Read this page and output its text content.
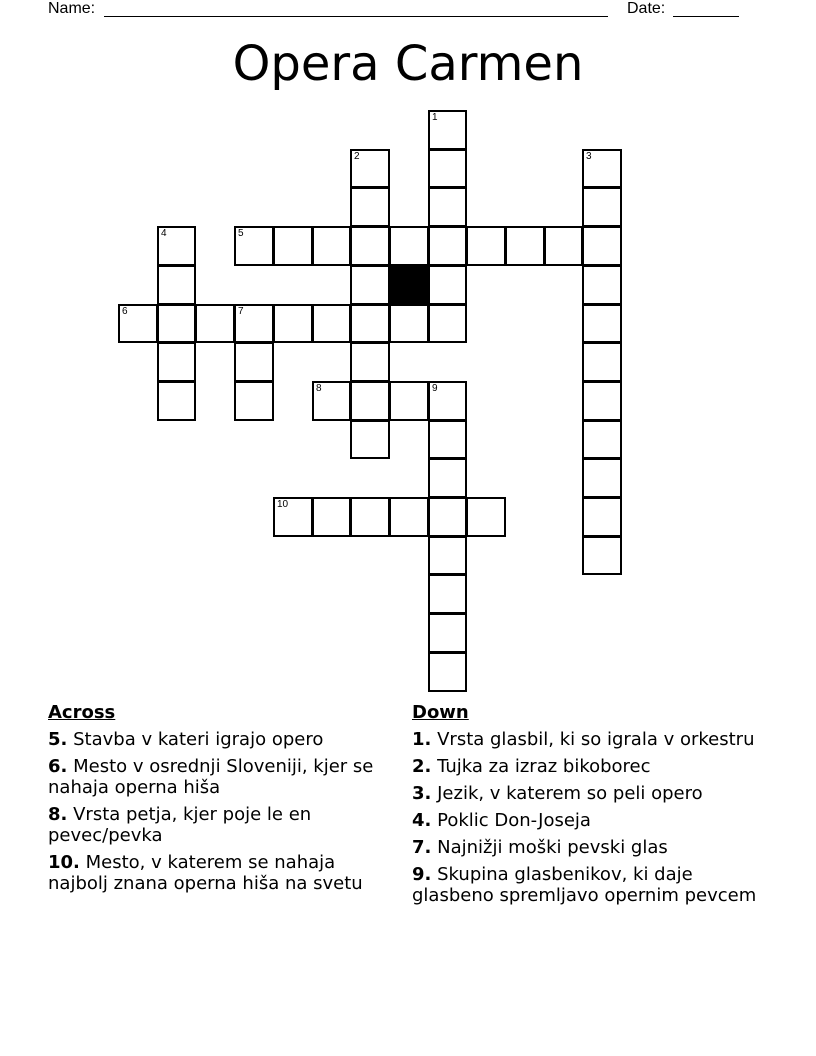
Name:	Date:
Opera Carmen
1
2	3
4	5
6	7
8	9
10
Across
5. Stavba v kateri igrajo opero
6. Mesto v osrednji Sloveniji, kjer se nahaja operna hiša
8. Vrsta petja, kjer poje le en pevec/pevka
10. Mesto, v katerem se nahaja najbolj znana operna hiša na svetu
Down
1. Vrsta glasbil, ki so igrala v orkestru
2. Tujka za izraz bikoborec
3. Jezik, v katerem so peli opero
4. Poklic Don-Joseja
7. Najnižji moški pevski glas
9. Skupina glasbenikov, ki daje glasbeno spremljavo opernim pevcem
